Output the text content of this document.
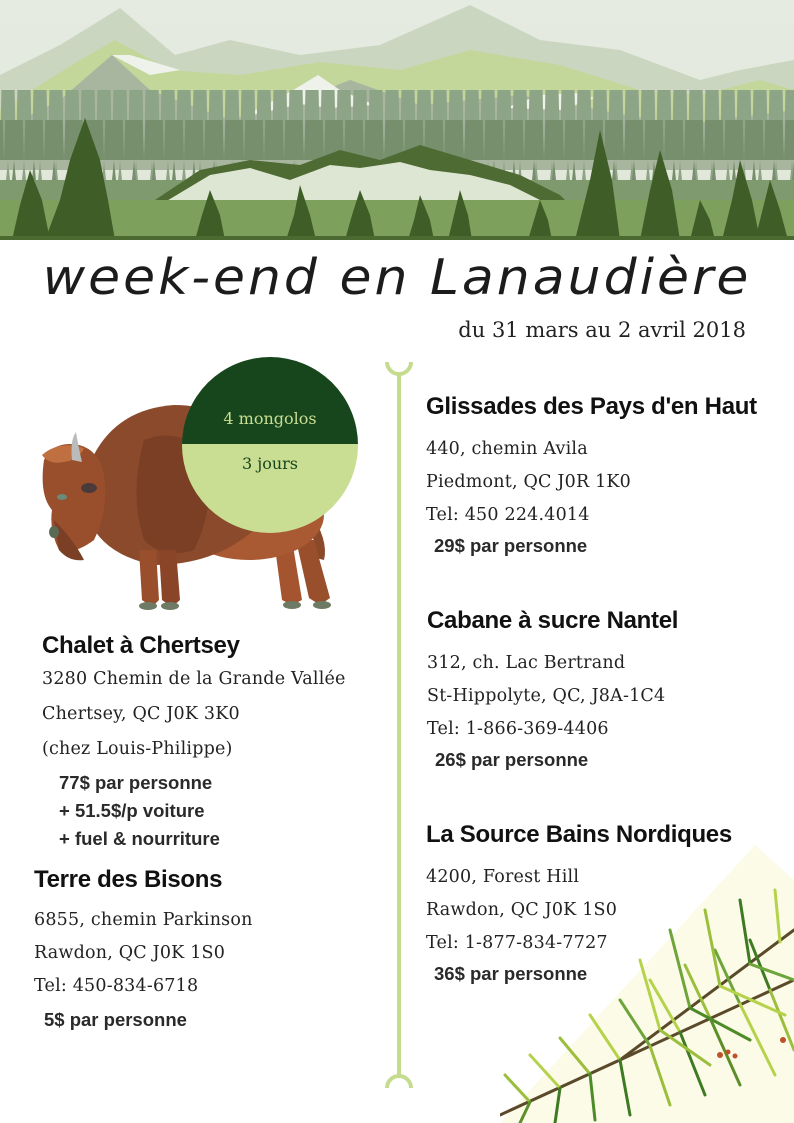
week-end en Lanaudière
du 31 mars au 2 avril 2018
4 mongolos
3 jours
Chalet à Chertsey
3280 Chemin de la Grande Vallée
Chertsey, QC J0K 3K0
(chez Louis-Philippe)
77$ par personne
+ 51.5$/p voiture
+ fuel & nourriture
Terre des Bisons
6855, chemin Parkinson
Rawdon, QC J0K 1S0
Tel: 450-834-6718
5$ par personne
Glissades des Pays d'en Haut
440, chemin Avila
Piedmont, QC J0R 1K0
Tel: 450 224.4014
29$ par personne
Cabane à sucre Nantel
312, ch. Lac Bertrand
St-Hippolyte, QC, J8A-1C4
Tel: 1-866-369-4406
26$ par personne
La Source Bains Nordiques
4200, Forest Hill
Rawdon, QC J0K 1S0
Tel: 1-877-834-7727
36$ par personne
